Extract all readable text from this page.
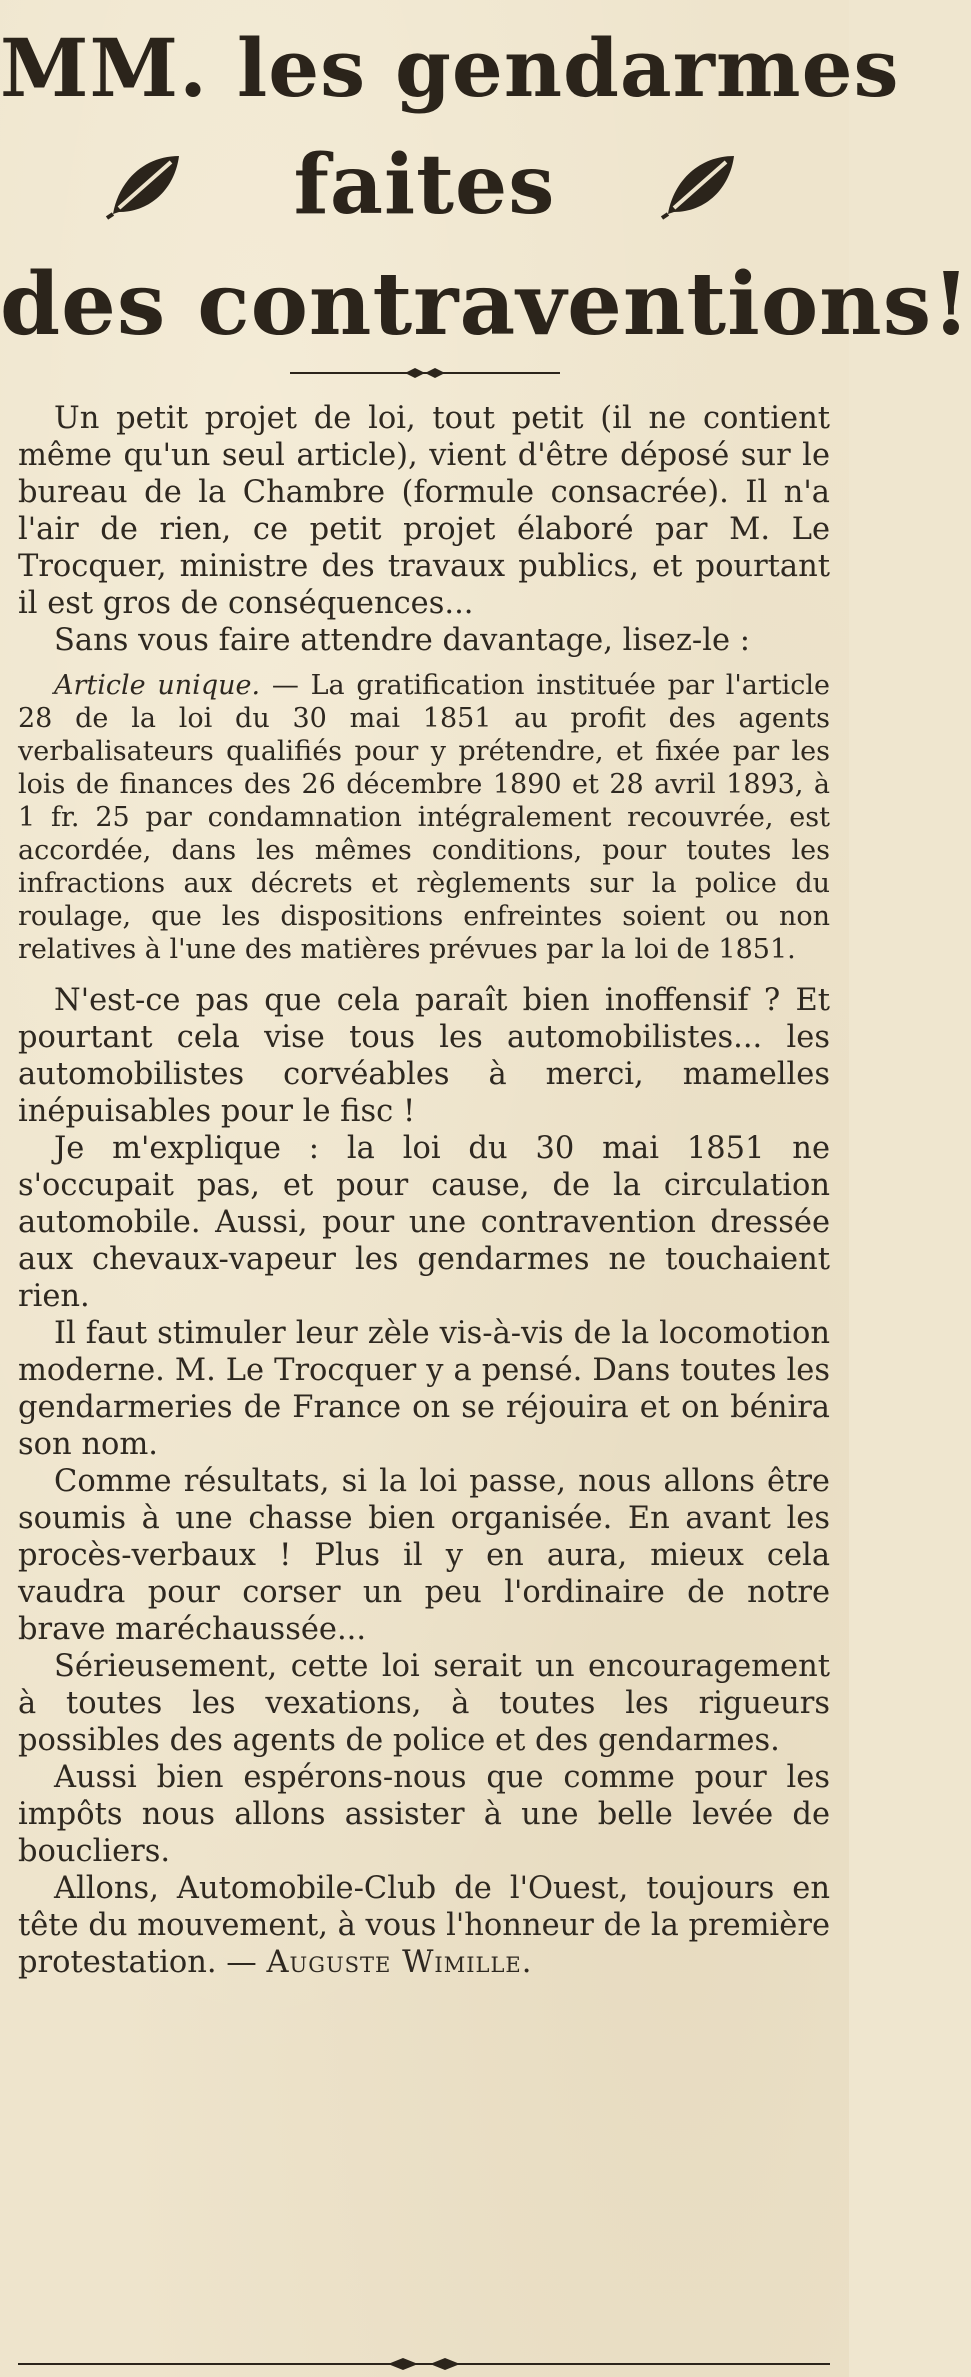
MM. les gendarmes
faites
des contraventions!

Un petit projet de loi, tout petit (il ne contient même qu'un seul article), vient d'être déposé sur le bureau de la Chambre (formule consacrée). Il n'a l'air de rien, ce petit projet élaboré par M. Le Trocquer, ministre des travaux publics, et pourtant il est gros de conséquences...

Sans vous faire attendre davantage, lisez-le :

Article unique. — La gratification instituée par l'article 28 de la loi du 30 mai 1851 au profit des agents verbalisateurs qualifiés pour y prétendre, et fixée par les lois de finances des 26 décembre 1890 et 28 avril 1893, à 1 fr. 25 par condamnation intégralement recouvrée, est accordée, dans les mêmes conditions, pour toutes les infractions aux décrets et règlements sur la police du roulage, que les dispositions enfreintes soient ou non relatives à l'une des matières prévues par la loi de 1851.

N'est-ce pas que cela paraît bien inoffensif ? Et pourtant cela vise tous les automobilistes... les automobilistes corvéables à merci, mamelles inépuisables pour le fisc !

Je m'explique : la loi du 30 mai 1851 ne s'occupait pas, et pour cause, de la circulation automobile. Aussi, pour une contravention dressée aux chevaux-vapeur les gendarmes ne touchaient rien.

Il faut stimuler leur zèle vis-à-vis de la locomotion moderne. M. Le Trocquer y a pensé. Dans toutes les gendarmeries de France on se réjouira et on bénira son nom.

Comme résultats, si la loi passe, nous allons être soumis à une chasse bien organisée. En avant les procès-verbaux ! Plus il y en aura, mieux cela vaudra pour corser un peu l'ordinaire de notre brave maréchaussée...

Sérieusement, cette loi serait un encouragement à toutes les vexations, à toutes les rigueurs possibles des agents de police et des gendarmes.

Aussi bien espérons-nous que comme pour les impôts nous allons assister à une belle levée de boucliers.

Allons, Automobile-Club de l'Ouest, toujours en tête du mouvement, à vous l'honneur de la première protestation. — Auguste Wimille.
